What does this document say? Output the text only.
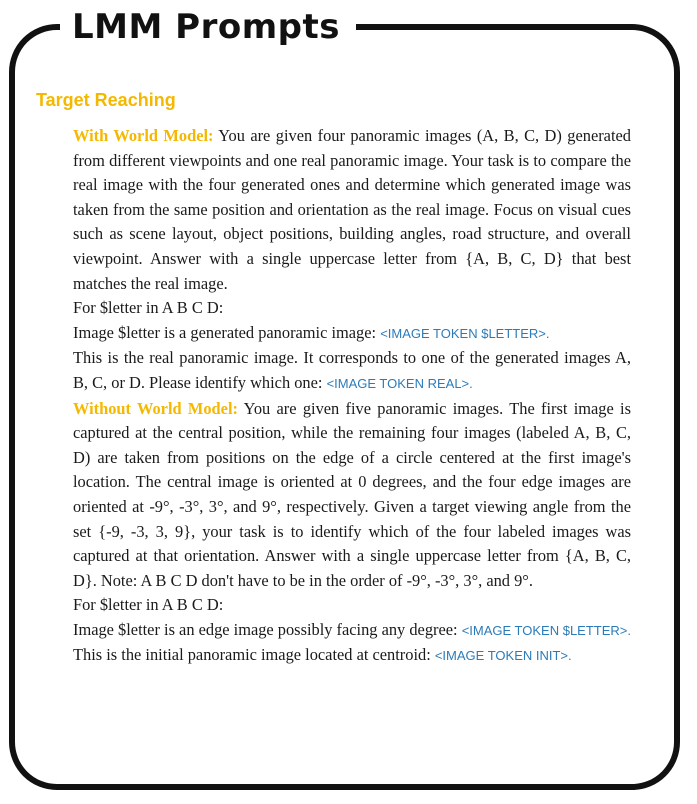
LMM Prompts
Target Reaching

With World Model: You are given four panoramic images (A, B, C, D) generated from different viewpoints and one real panoramic image. Your task is to compare the real image with the four generated ones and determine which generated image was taken from the same position and orientation as the real image. Focus on visual cues such as scene layout, object positions, building angles, road structure, and overall viewpoint. Answer with a single uppercase letter from {A, B, C, D} that best matches the real image.

For $letter in A B C D:

Image $letter is a generated panoramic image: <IMAGE TOKEN $LETTER>.

This is the real panoramic image. It corresponds to one of the generated images A, B, C, or D. Please identify which one: <IMAGE TOKEN REAL>.

Without World Model: You are given five panoramic images. The first image is captured at the central position, while the remaining four images (labeled A, B, C, D) are taken from positions on the edge of a circle centered at the first image's location. The central image is oriented at 0 degrees, and the four edge images are oriented at -9°, -3°, 3°, and 9°, respectively. Given a target viewing angle from the set {-9, -3, 3, 9}, your task is to identify which of the four labeled images was captured at that orientation. Answer with a single uppercase letter from {A, B, C, D}. Note: A B C D don't have to be in the order of -9°, -3°, 3°, and 9°.

For $letter in A B C D:

Image $letter is an edge image possibly facing any degree: <IMAGE TOKEN $LETTER>.

This is the initial panoramic image located at centroid: <IMAGE TOKEN INIT>.
